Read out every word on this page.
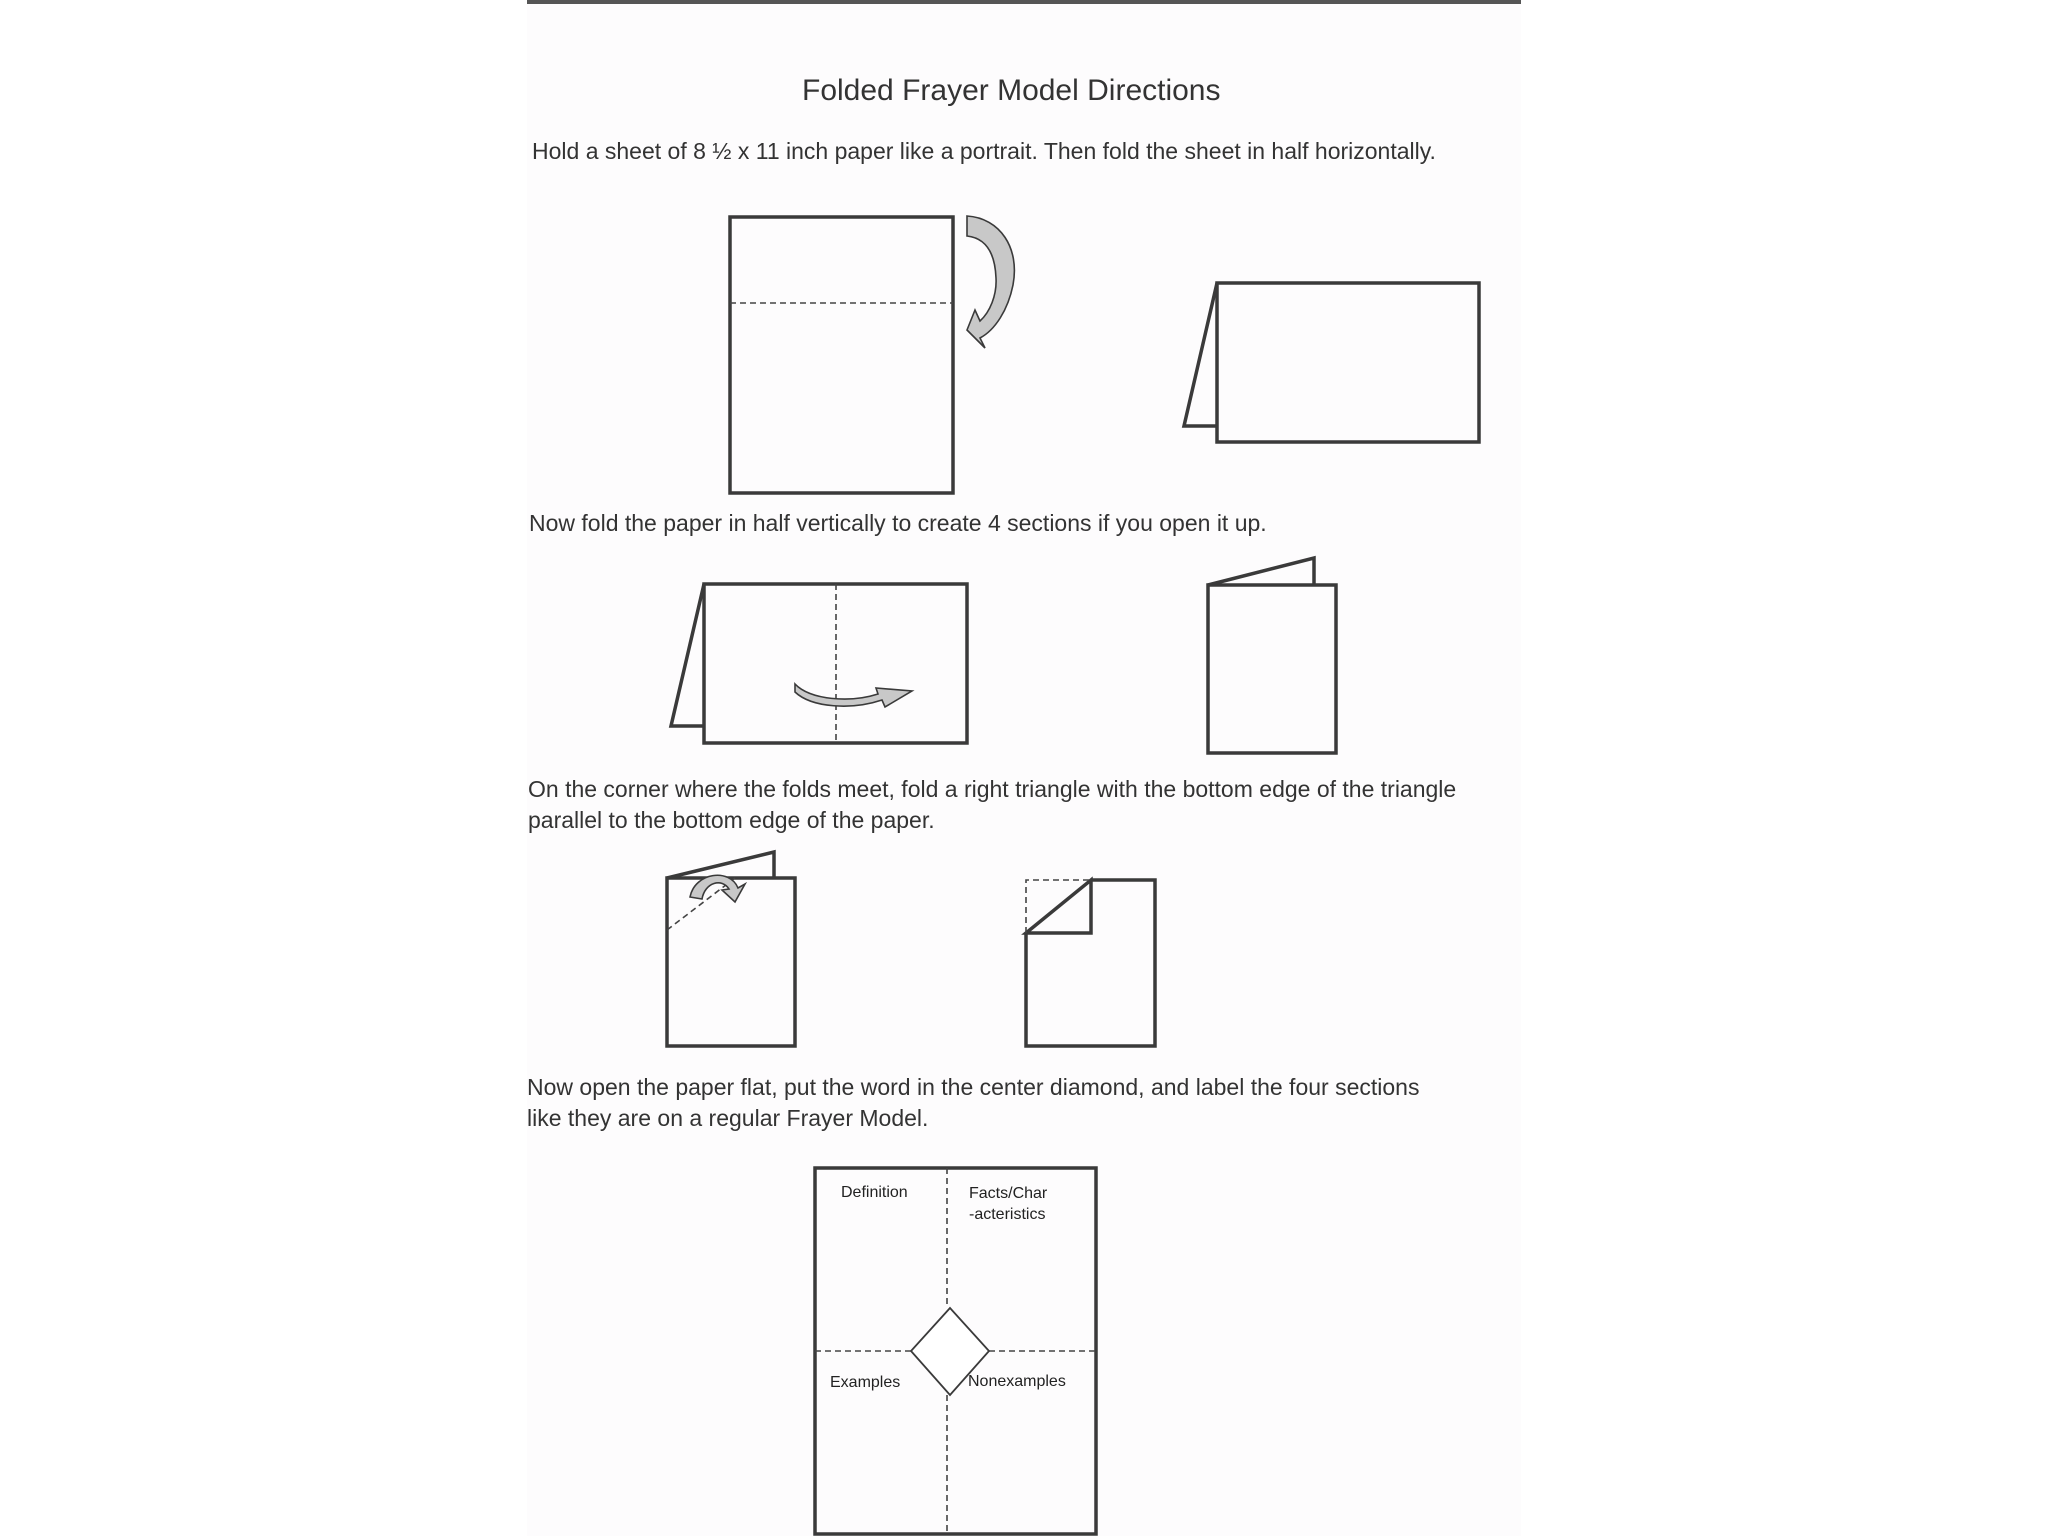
Folded Frayer Model Directions
Hold a sheet of 8 ½ x 11 inch paper like a portrait. Then fold the sheet in half horizontally.
Now fold the paper in half vertically to create 4 sections if you open it up.
On the corner where the folds meet, fold a right triangle with the bottom edge of the triangle
parallel to the bottom edge of the paper.
Now open the paper flat, put the word in the center diamond, and label the four sections
like they are on a regular Frayer Model.
Definition	Facts/Char
-acteristics
Examples	Nonexamples
